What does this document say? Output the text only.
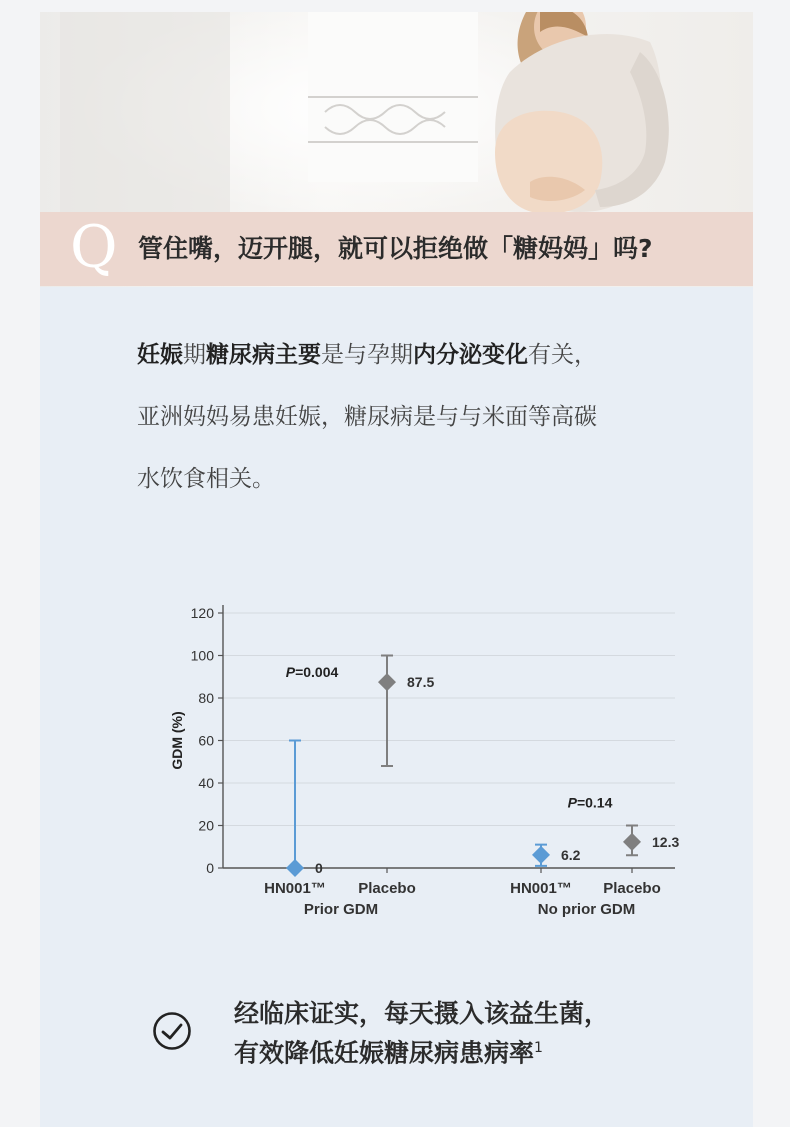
Q 管住嘴，迈开腿，就可以拒绝做「糖妈妈」吗?

妊娠期糖尿病主要是与孕期内分泌变化有关，

亚洲妈妈易患妊娠，糖尿病是与与米面等高碳

水饮食相关。

0
20
40
60
80
100
120
GDM (%)
0
HN001™
87.5
Placebo
Prior GDM
P=0.004
6.2
HN001™
12.3
Placebo
No prior GDM
P=0.14
经临床证实，每天摄入该益生菌，
有效降低妊娠糖尿病患病率$^1$
